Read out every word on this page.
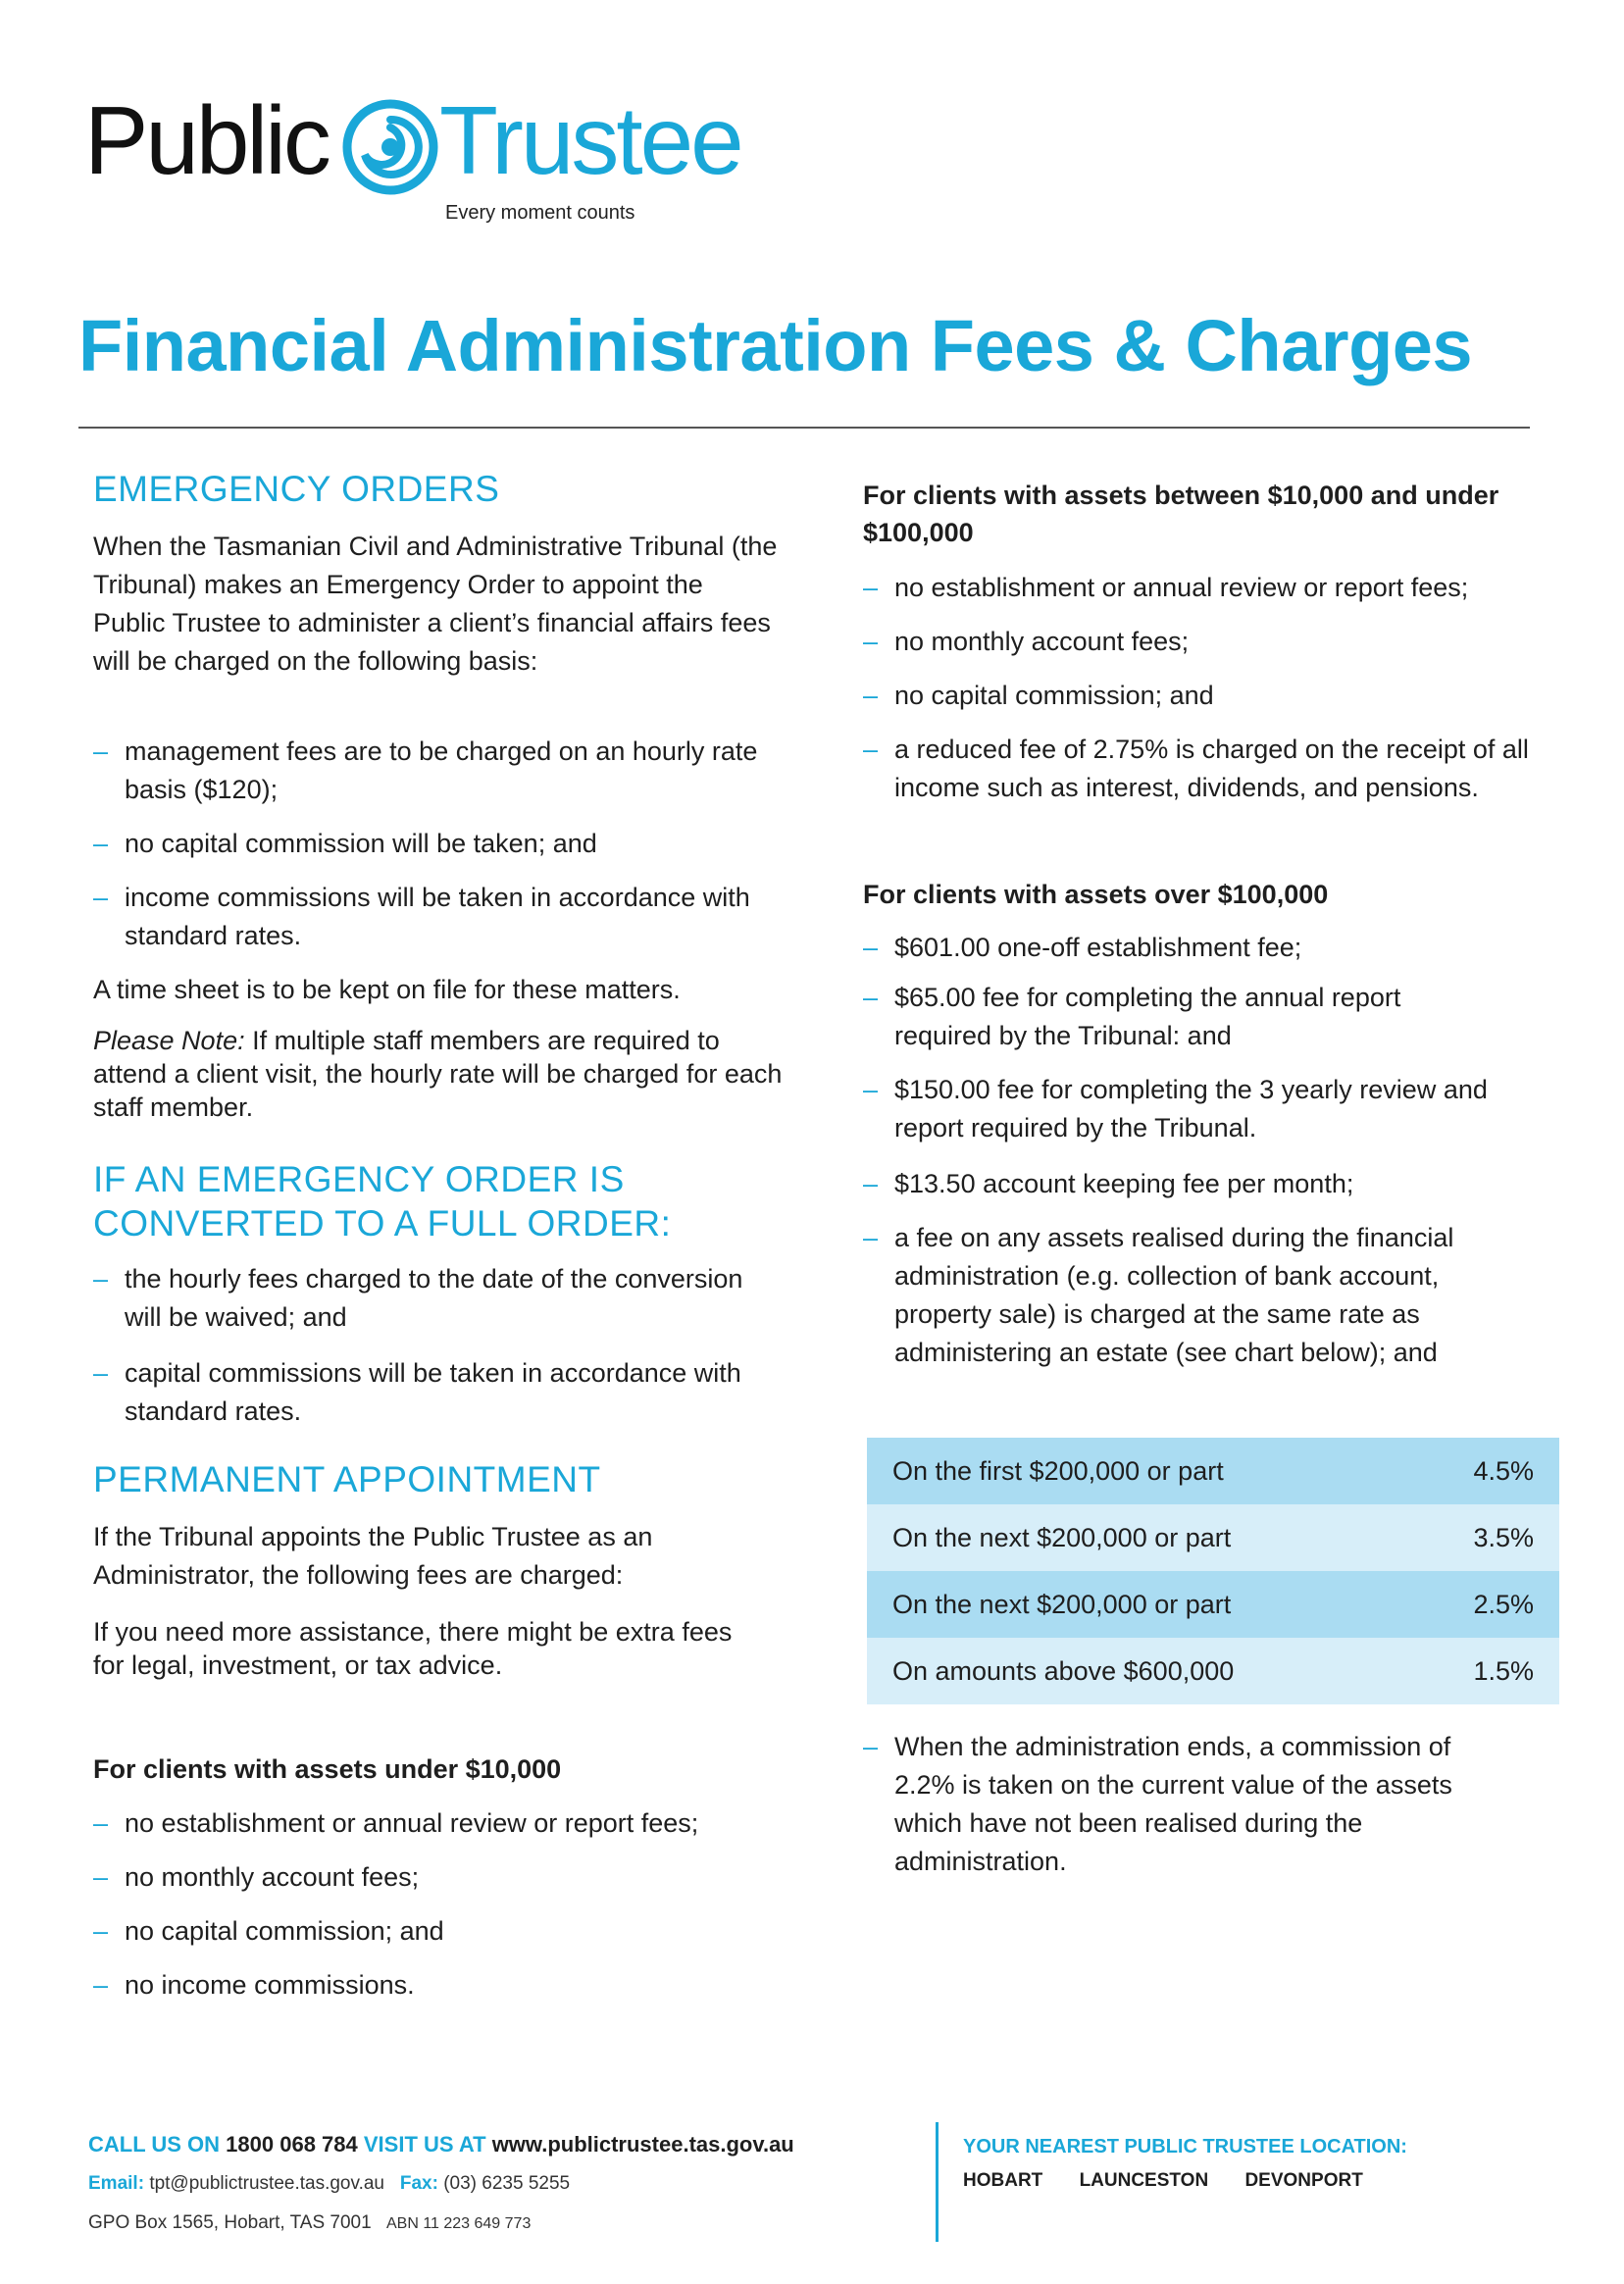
Public Trustee
Every moment counts
Financial Administration Fees & Charges
EMERGENCY ORDERS
When the Tasmanian Civil and Administrative Tribunal (the Tribunal) makes an Emergency Order to appoint the Public Trustee to administer a client’s financial affairs fees will be charged on the following basis:
– management fees are to be charged on an hourly rate basis ($120);
– no capital commission will be taken; and
– income commissions will be taken in accordance with standard rates.
A time sheet is to be kept on file for these matters.
Please Note: If multiple staff members are required to attend a client visit, the hourly rate will be charged for each staff member.
IF AN EMERGENCY ORDER IS CONVERTED TO A FULL ORDER:
– the hourly fees charged to the date of the conversion will be waived; and
– capital commissions will be taken in accordance with standard rates.
PERMANENT APPOINTMENT
If the Tribunal appoints the Public Trustee as an Administrator, the following fees are charged:
If you need more assistance, there might be extra fees for legal, investment, or tax advice.
For clients with assets under $10,000
– no establishment or annual review or report fees;
– no monthly account fees;
– no capital commission; and
– no income commissions.
For clients with assets between $10,000 and under $100,000
– no establishment or annual review or report fees;
– no monthly account fees;
– no capital commission; and
– a reduced fee of 2.75% is charged on the receipt of all income such as interest, dividends, and pensions.
For clients with assets over $100,000
– $601.00 one-off establishment fee;
– $65.00 fee for completing the annual report required by the Tribunal: and
– $150.00 fee for completing the 3 yearly review and report required by the Tribunal.
– $13.50 account keeping fee per month;
– a fee on any assets realised during the financial administration (e.g. collection of bank account, property sale) is charged at the same rate as administering an estate (see chart below); and
On the first $200,000 or part	4.5%
On the next $200,000 or part	3.5%
On the next $200,000 or part	2.5%
On amounts above $600,000	1.5%
– When the administration ends, a commission of 2.2% is taken on the current value of the assets which have not been realised during the administration.
CALL US ON 1800 068 784 VISIT US AT www.publictrustee.tas.gov.au
Email: tpt@publictrustee.tas.gov.au Fax: (03) 6235 5255
GPO Box 1565, Hobart, TAS 7001 ABN 11 223 649 773
YOUR NEAREST PUBLIC TRUSTEE LOCATION:
HOBART LAUNCESTON DEVONPORT
